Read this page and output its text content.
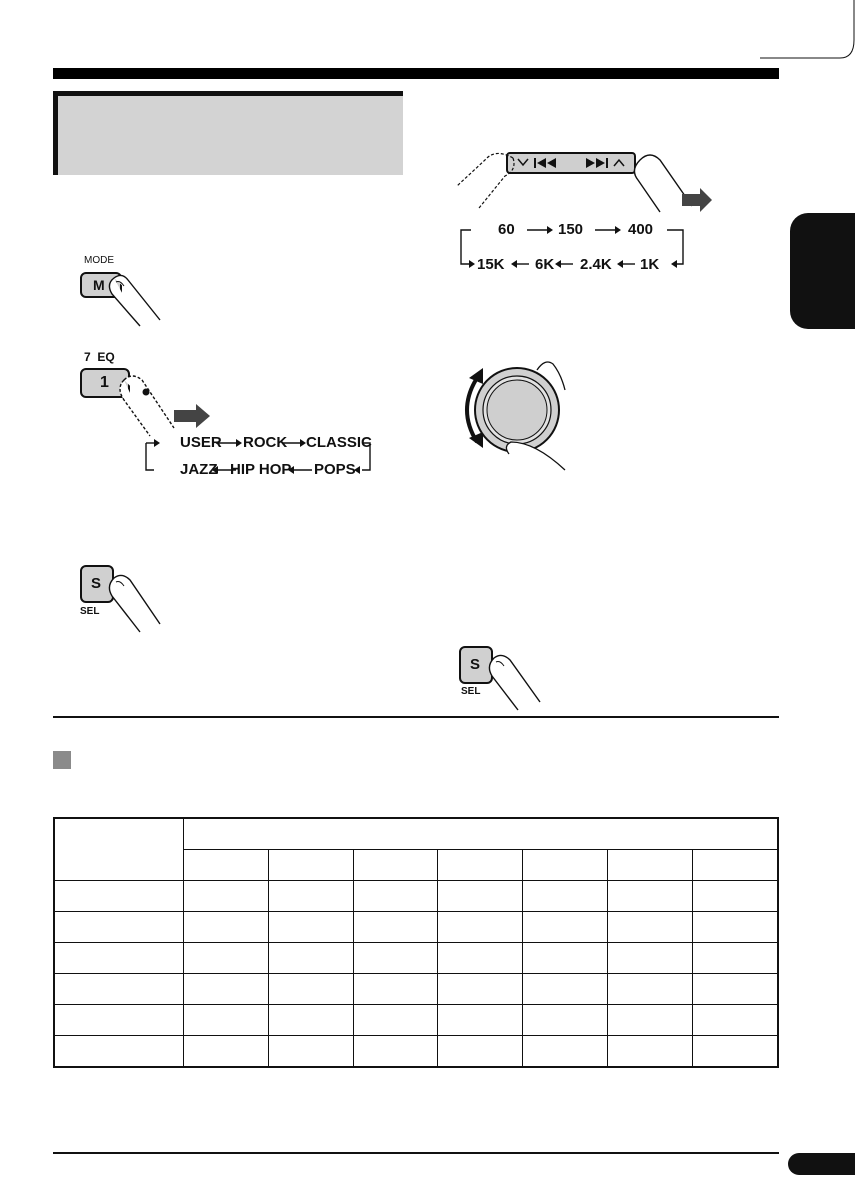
MODE
M
7  EQ
1
USER ROCK CLASSIC
JAZZ HIP HOP POPS
S
SEL
60	150	400
15K 6K 2.4K 1K
S
SEL
